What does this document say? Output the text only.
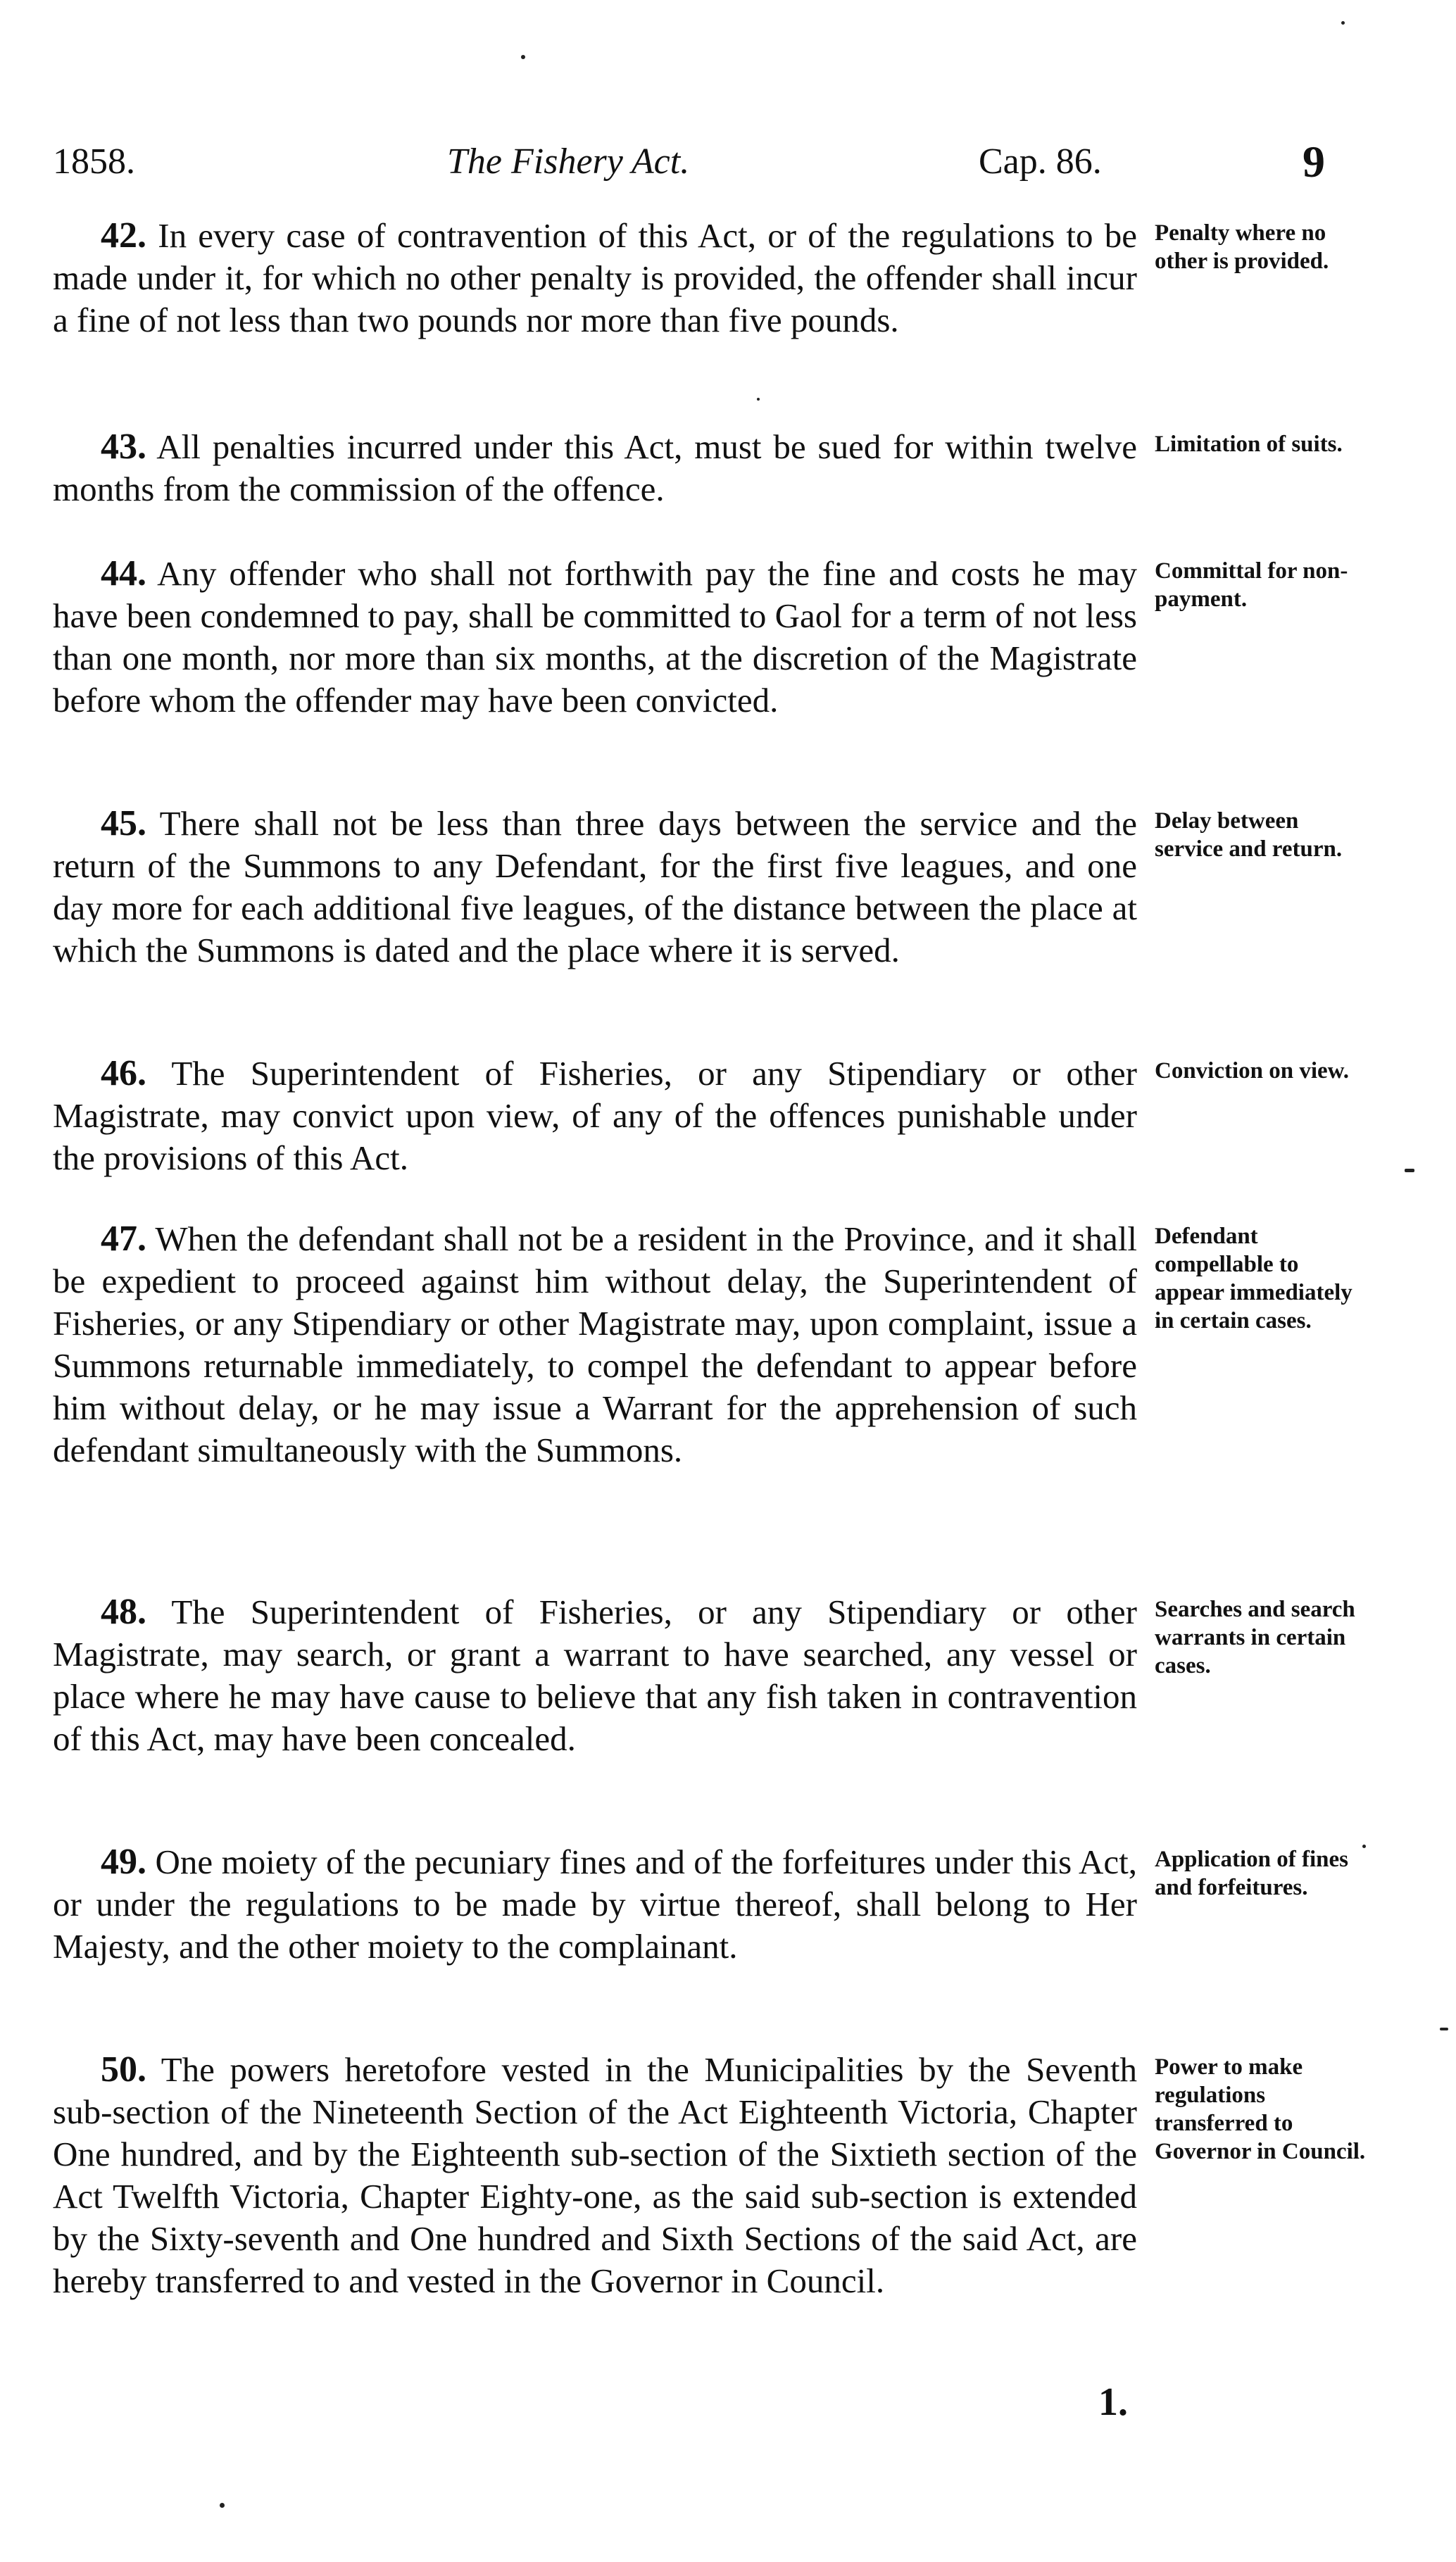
1858.	The Fishery Act.	Cap. 86.	9

42. In every case of contravention of this Act, or of the regulations to be made under it, for which no other penalty is provided, the offender shall incur a fine of not less than two pounds nor more than five pounds.

Penalty where no other is provided.

43. All penalties incurred under this Act, must be sued for within twelve months from the commission of the offence.

Limitation of suits.

44. Any offender who shall not forthwith pay the fine and costs he may have been condemned to pay, shall be committed to Gaol for a term of not less than one month, nor more than six months, at the discretion of the Magistrate before whom the offender may have been convicted.

Committal for non-payment.

45. There shall not be less than three days between the service and the return of the Summons to any Defendant, for the first five leagues, and one day more for each additional five leagues, of the distance between the place at which the Summons is dated and the place where it is served.

Delay between service and return.

46. The Superintendent of Fisheries, or any Stipendiary or other Magistrate, may convict upon view, of any of the offences punishable under the provisions of this Act.

Conviction on view.

47. When the defendant shall not be a resident in the Province, and it shall be expedient to proceed against him without delay, the Superintendent of Fisheries, or any Stipendiary or other Magistrate may, upon complaint, issue a Summons returnable immediately, to compel the defendant to appear before him without delay, or he may issue a Warrant for the apprehension of such defendant simultaneously with the Summons.

Defendant compellable to appear immediately in certain cases.

48. The Superintendent of Fisheries, or any Stipendiary or other Magistrate, may search, or grant a warrant to have searched, any vessel or place where he may have cause to believe that any fish taken in contravention of this Act, may have been concealed.

Searches and search warrants in certain cases.

49. One moiety of the pecuniary fines and of the forfeitures under this Act, or under the regulations to be made by virtue thereof, shall belong to Her Majesty, and the other moiety to the complainant.

Application of fines and forfeitures.

50. The powers heretofore vested in the Municipalities by the Seventh sub-section of the Nineteenth Section of the Act Eighteenth Victoria, Chapter One hundred, and by the Eighteenth sub-section of the Sixtieth section of the Act Twelfth Victoria, Chapter Eighty-one, as the said sub-section is extended by the Sixty-seventh and One hundred and Sixth Sections of the said Act, are hereby transferred to and vested in the Governor in Council.

Power to make regulations transferred to Governor in Council.

1.
